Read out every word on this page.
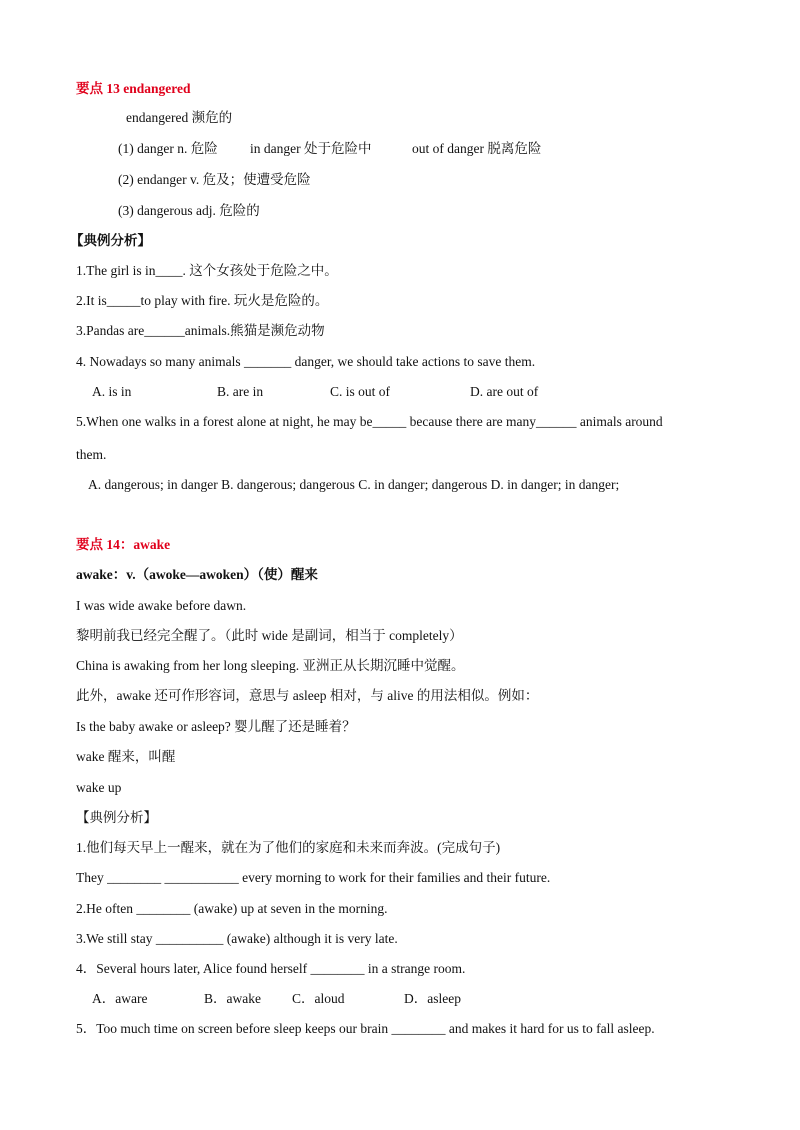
要点 13 endangered
endangered 濒危的
(1) danger n. 危险 in danger 处于危险中	out of danger 脱离危险
(2) endanger v. 危及；使遭受危险
(3) dangerous adj. 危险的
【典例分析】
1.The girl is in____. 这个女孩处于危险之中。
2.It is_____to play with fire. 玩火是危险的。
3.Pandas are______animals.熊猫是濒危动物
4. Nowadays so many animals _______ danger, we should take actions to save them.
A. is in	B. are in	C. is out of	D. are out of
5.When one walks in a forest alone at night, he may be_____ because there are many______ animals around
them.
A. dangerous; in danger B. dangerous; dangerous C. in danger; dangerous D. in danger; in danger;
要点 14：awake
awake：v.（awoke—awoken）（使）醒来
I was wide awake before dawn.
黎明前我已经完全醒了。（此时 wide 是副词，相当于 completely）
China is awaking from her long sleeping. 亚洲正从长期沉睡中觉醒。
此外，awake 还可作形容词，意思与 asleep 相对，与 alive 的用法相似。例如：
Is the baby awake or asleep? 婴儿醒了还是睡着？
wake 醒来，叫醒
wake up
【典例分析】
1.他们每天早上一醒来，就在为了他们的家庭和未来而奔波。(完成句子)
They ________ ___________ every morning to work for their families and their future.
2.He often ________ (awake) up at seven in the morning.
3.We still stay __________ (awake) although it is very late.
4．Several hours later, Alice found herself ________ in a strange room.
A．aware	B．awake C．aloud	D．asleep
5．Too much time on screen before sleep keeps our brain ________ and makes it hard for us to fall asleep.
